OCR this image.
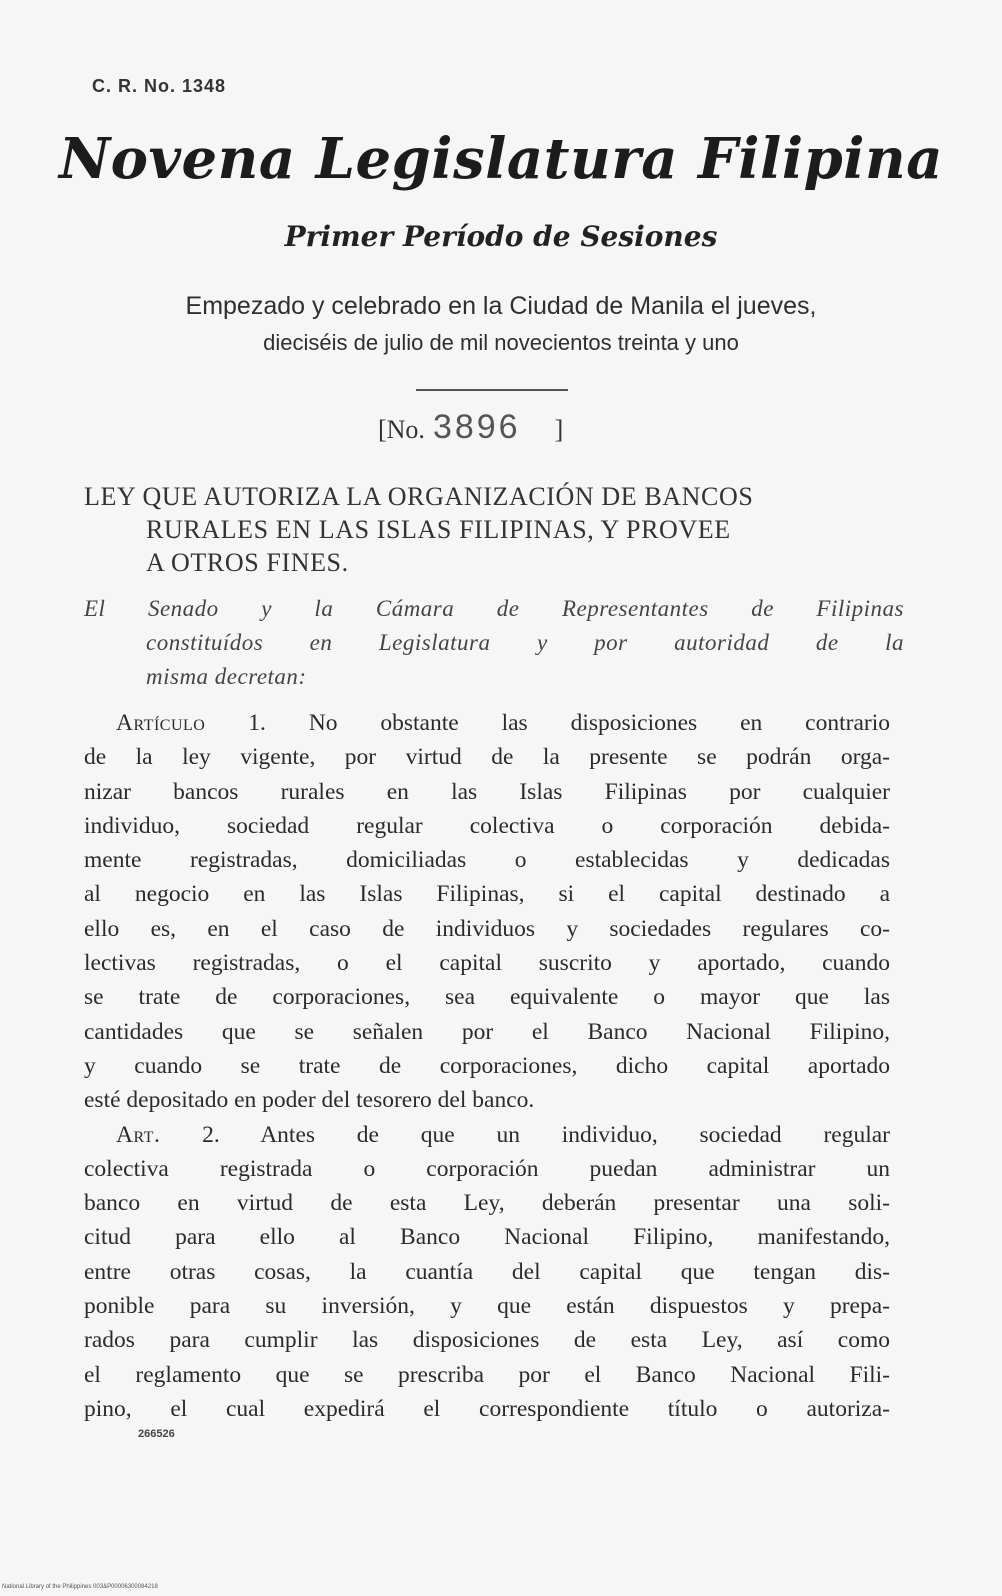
C. R. No. 1348
Novena Legislatura Filipina
Primer Período de Sesiones
Empezado y celebrado en la Ciudad de Manila el jueves,
dieciséis de julio de mil novecientos treinta y uno
[No. 3896 ]
LEY QUE AUTORIZA LA ORGANIZACIÓN DE BANCOS
RURALES EN LAS ISLAS FILIPINAS, Y PROVEE
A OTROS FINES.
El Senado y la Cámara de Representantes de Filipinas
constituídos en Legislatura y por autoridad de la
misma decretan:
Artículo 1. No obstante las disposiciones en contrario
de la ley vigente, por virtud de la presente se podrán orga-
nizar bancos rurales en las Islas Filipinas por cualquier
individuo, sociedad regular colectiva o corporación debida-
mente registradas, domiciliadas o establecidas y dedicadas
al negocio en las Islas Filipinas, si el capital destinado a
ello es, en el caso de individuos y sociedades regulares co-
lectivas registradas, o el capital suscrito y aportado, cuando
se trate de corporaciones, sea equivalente o mayor que las
cantidades que se señalen por el Banco Nacional Filipino,
y cuando se trate de corporaciones, dicho capital aportado
esté depositado en poder del tesorero del banco.
Art. 2. Antes de que un individuo, sociedad regular
colectiva registrada o corporación puedan administrar un
banco en virtud de esta Ley, deberán presentar una soli-
citud para ello al Banco Nacional Filipino, manifestando,
entre otras cosas, la cuantía del capital que tengan dis-
ponible para su inversión, y que están dispuestos y prepa-
rados para cumplir las disposiciones de esta Ley, así como
el reglamento que se prescriba por el Banco Nacional Fili-
pino, el cual expedirá el correspondiente título o autoriza-
266526
National Library of the Philippines 003&P00006300084218
